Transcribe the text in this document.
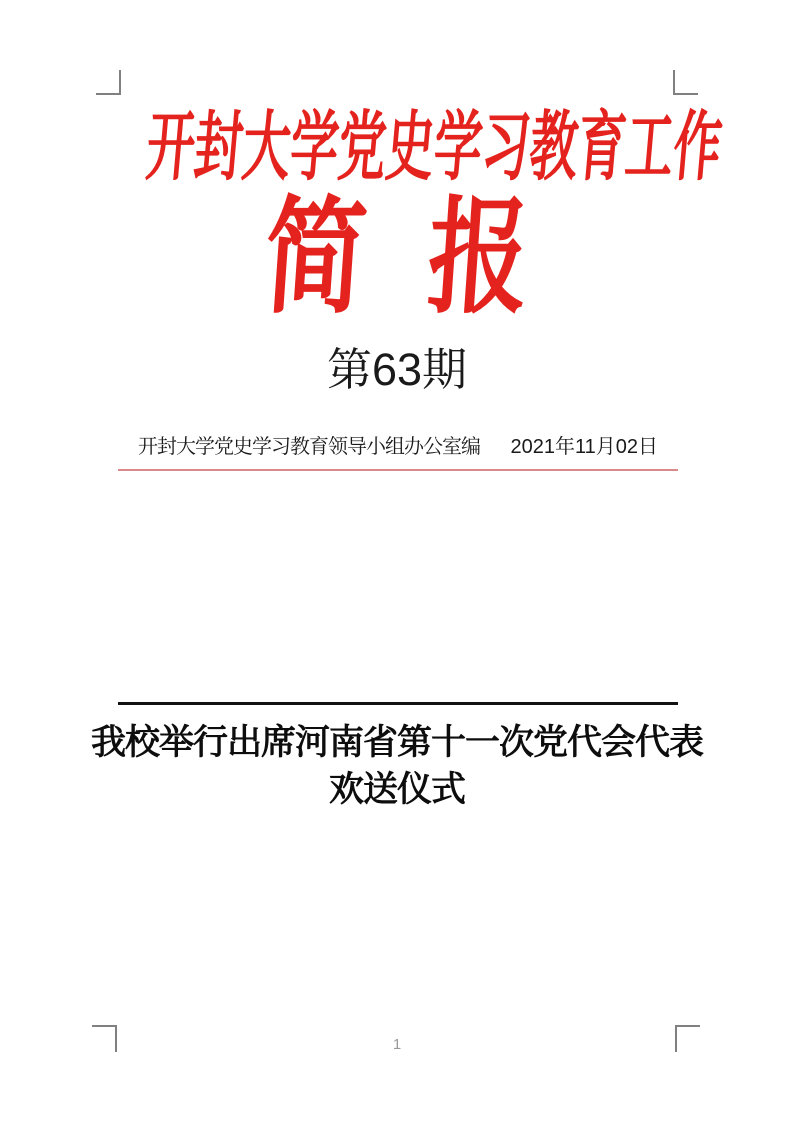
开封大学党史学习教育工作
简 报
第63期
开封大学党史学习教育领导小组办公室编 2021年11月02日
我校举行出席河南省第十一次党代会代表
欢送仪式
1
